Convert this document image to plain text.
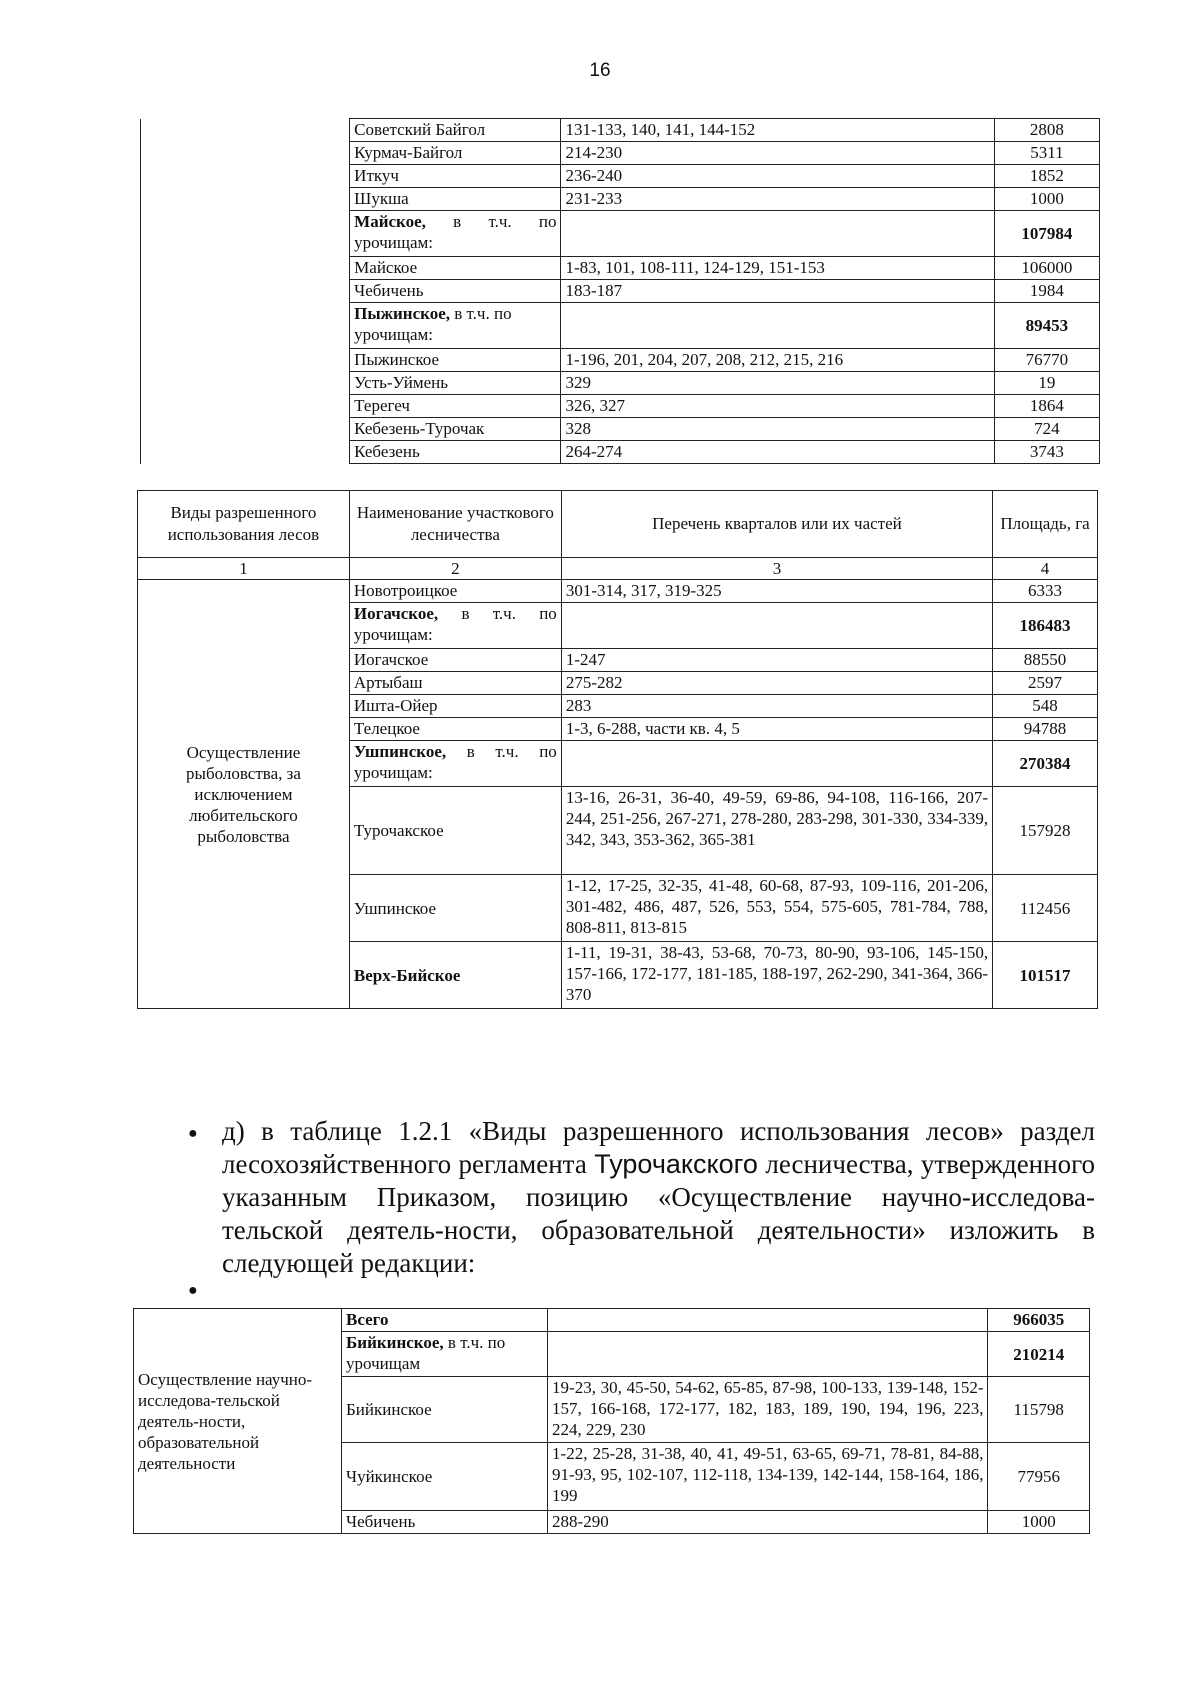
16
	Советский Байгол	131-133, 140, 141, 144-152	2808
	Курмач-Байгол	214-230	5311
	Иткуч	236-240	1852
	Шукша	231-233	1000
	Майское, в т.ч. по урочищам:		107984
	Майское	1-83, 101, 108-111, 124-129, 151-153	106000
	Чебичень	183-187	1984
	Пыжинское, в т.ч. по урочищам:		89453
	Пыжинское	1-196, 201, 204, 207, 208, 212, 215, 216	76770
	Усть-Уймень	329	19
	Терегеч	326, 327	1864
	Кебезень-Турочак	328	724
	Кебезень	264-274	3743
Виды разрешенного использования лесов	Наименование участкового лесничества	Перечень кварталов или их частей	Площадь, га
1	2	3	4
Осуществление рыболовства, за исключением любительского рыболовства	Новотроицкое	301-314, 317, 319-325	6333
	Иогачское, в т.ч. по урочищам:		186483
	Иогачское	1-247	88550
	Артыбаш	275-282	2597
	Ишта-Ойер	283	548
	Телецкое	1-3, 6-288, части кв. 4, 5	94788
	Ушпинское, в т.ч. по урочищам:		270384
	Турочакское	13-16, 26-31, 36-40, 49-59, 69-86, 94-108, 116-166, 207-244, 251-256, 267-271, 278-280, 283-298, 301-330, 334-339, 342, 343, 353-362, 365-381	157928
	Ушпинское	1-12, 17-25, 32-35, 41-48, 60-68, 87-93, 109-116, 201-206, 301-482, 486, 487, 526, 553, 554, 575-605, 781-784, 788, 808-811, 813-815	112456
	Верх-Бийское	1-11, 19-31, 38-43, 53-68, 70-73, 80-90, 93-106, 145-150, 157-166, 172-177, 181-185, 188-197, 262-290, 341-364, 366-370	101517
● д) в таблице 1.2.1 «Виды разрешенного использования лесов» раздел лесохозяйственного регламента Турочакского лесничества, утвержденного указанным Приказом, позицию «Осуществление научно-исследова-тельской деятель-ности, образовательной деятельности» изложить в следующей редакции:
●
Осуществление научно-исследова-тельской деятель-ности, образовательной деятельности	Всего		966035
	Бийкинское, в т.ч. по урочищам		210214
	Бийкинское	19-23, 30, 45-50, 54-62, 65-85, 87-98, 100-133, 139-148, 152-157, 166-168, 172-177, 182, 183, 189, 190, 194, 196, 223, 224, 229, 230	115798
	Чуйкинское	1-22, 25-28, 31-38, 40, 41, 49-51, 63-65, 69-71, 78-81, 84-88, 91-93, 95, 102-107, 112-118, 134-139, 142-144, 158-164, 186, 199	77956
	Чебичень	288-290	1000
